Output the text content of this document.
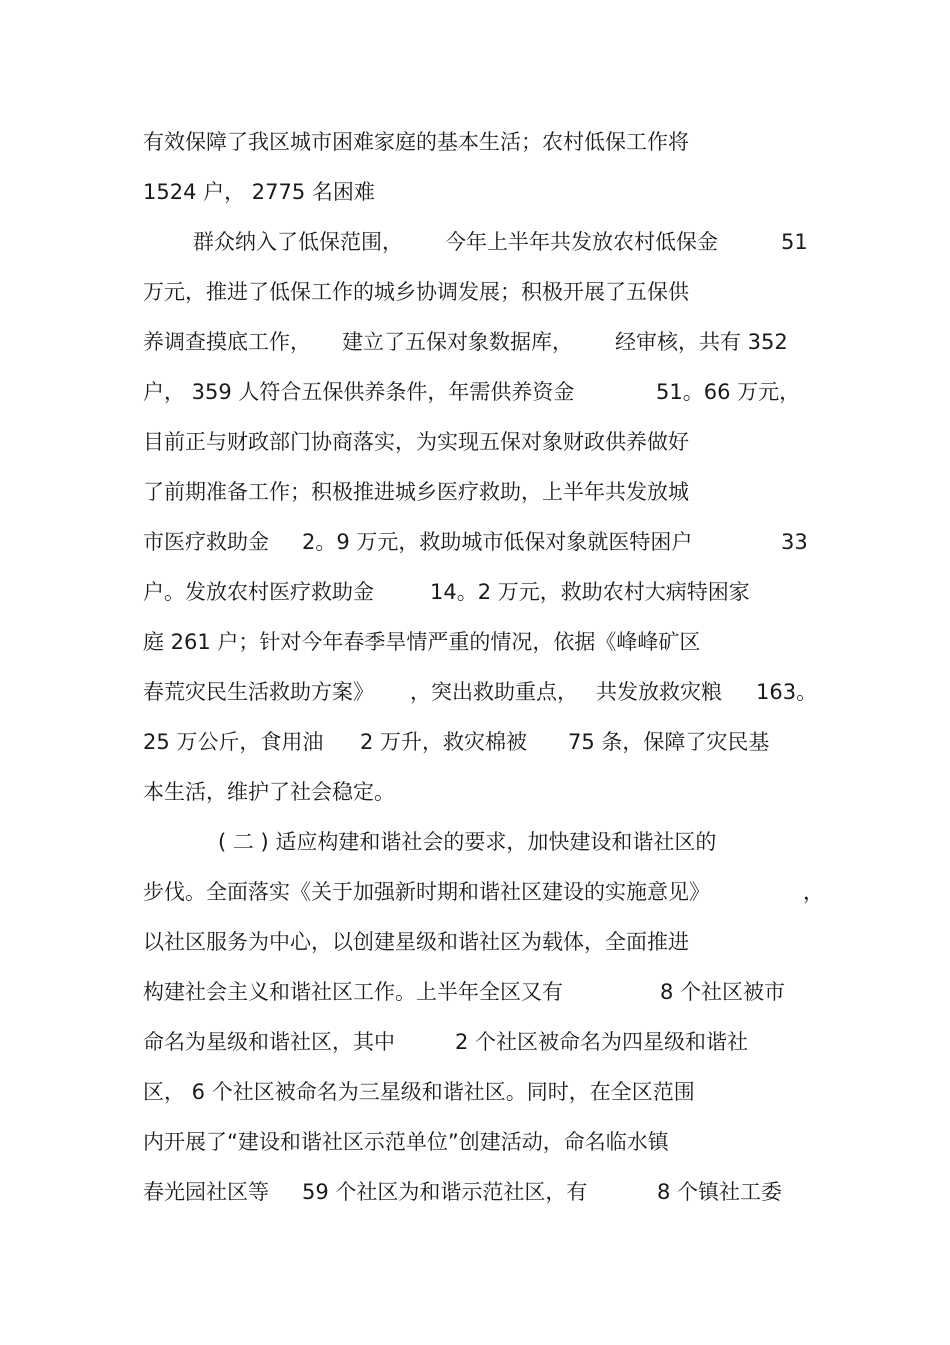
有效保障了我区城市困难家庭的基本生活；农村低保工作将
1524 户， 2775 名困难
群众纳入了低保范围， 今年上半年共发放农村低保金	51
万元，推进了低保工作的城乡协调发展；积极开展了五保供
养调查摸底工作， 建立了五保对象数据库， 经审核，共有 352
户， 359 人符合五保供养条件，年需供养资金	51。66 万元，
目前正与财政部门协商落实，为实现五保对象财政供养做好
了前期准备工作；积极推进城乡医疗救助，上半年共发放城
市医疗救助金 2。9 万元，救助城市低保对象就医特困户	33
户。发放农村医疗救助金	14。2 万元，救助农村大病特困家
庭 261 户；针对今年春季旱情严重的情况，依据《峰峰矿区
春荒灾民生活救助方案》 ，突出救助重点， 共发放救灾粮 163。
25 万公斤，食用油 2 万升，救灾棉被 75 条，保障了灾民基
本生活，维护了社会稳定。
( 二 ) 适应构建和谐社会的要求，加快建设和谐社区的
步伐。全面落实《关于加强新时期和谐社区建设的实施意见》	，
以社区服务为中心，以创建星级和谐社区为载体，全面推进
构建社会主义和谐社区工作。上半年全区又有	8 个社区被市
命名为星级和谐社区，其中	2 个社区被命名为四星级和谐社
区， 6 个社区被命名为三星级和谐社区。同时，在全区范围
内开展了“建设和谐社区示范单位”创建活动，命名临水镇
春光园社区等 59 个社区为和谐示范社区，有	8 个镇社工委
